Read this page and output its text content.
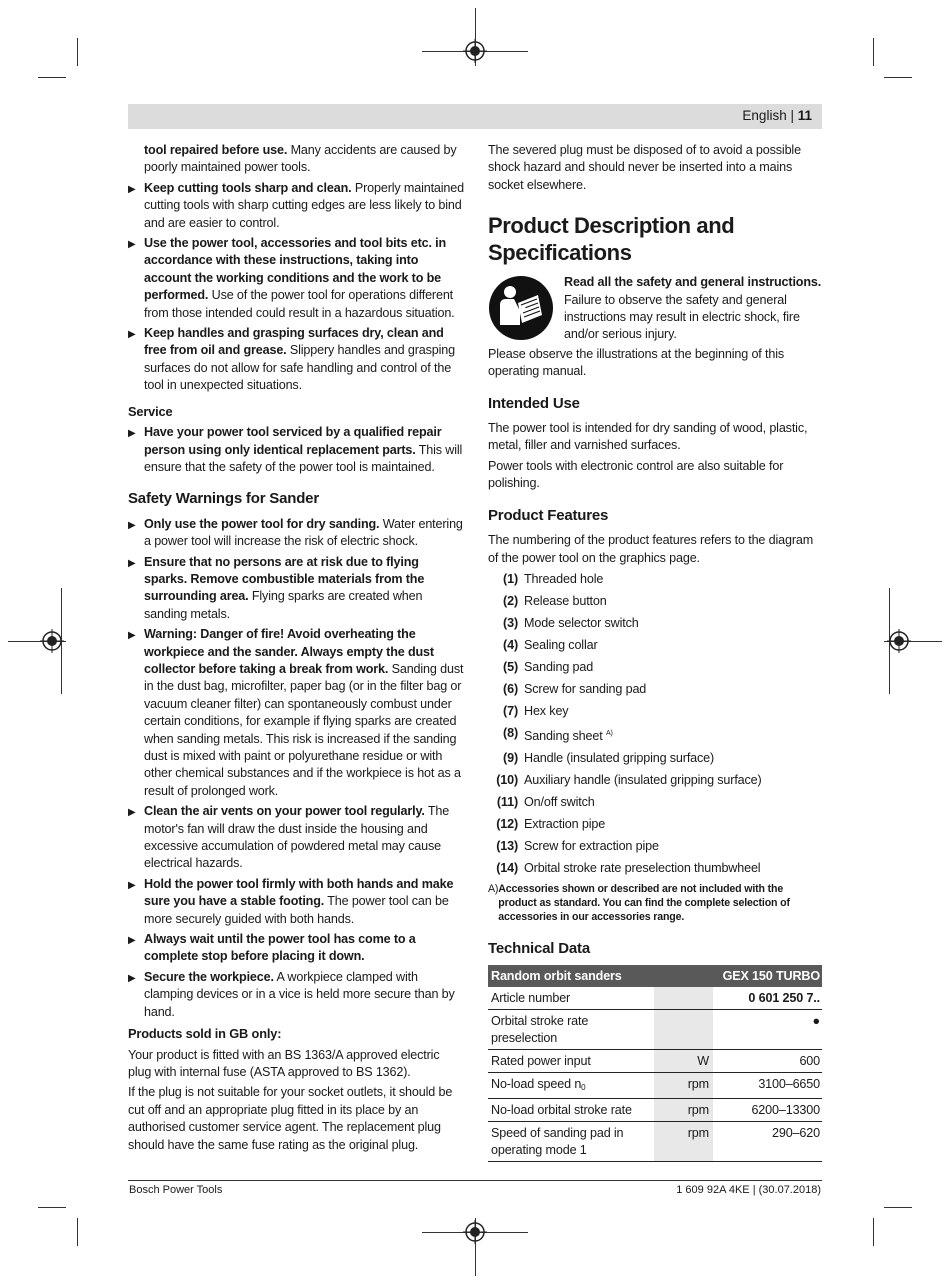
English | 11
tool repaired before use. Many accidents are caused by poorly maintained power tools.
▶ Keep cutting tools sharp and clean. Properly maintained cutting tools with sharp cutting edges are less likely to bind and are easier to control.
▶ Use the power tool, accessories and tool bits etc. in accordance with these instructions, taking into account the working conditions and the work to be performed. Use of the power tool for operations different from those intended could result in a hazardous situation.
▶ Keep handles and grasping surfaces dry, clean and free from oil and grease. Slippery handles and grasping surfaces do not allow for safe handling and control of the tool in unexpected situations.
Service
▶ Have your power tool serviced by a qualified repair person using only identical replacement parts. This will ensure that the safety of the power tool is maintained.
Safety Warnings for Sander
▶ Only use the power tool for dry sanding. Water entering a power tool will increase the risk of electric shock.
▶ Ensure that no persons are at risk due to flying sparks. Remove combustible materials from the surrounding area. Flying sparks are created when sanding metals.
▶ Warning: Danger of fire! Avoid overheating the workpiece and the sander. Always empty the dust collector before taking a break from work. Sanding dust in the dust bag, microfilter, paper bag (or in the filter bag or vacuum cleaner filter) can spontaneously combust under certain conditions, for example if flying sparks are created when sanding metals. This risk is increased if the sanding dust is mixed with paint or polyurethane residue or with other chemical substances and if the workpiece is hot as a result of prolonged work.
▶ Clean the air vents on your power tool regularly. The motor's fan will draw the dust inside the housing and excessive accumulation of powdered metal may cause electrical hazards.
▶ Hold the power tool firmly with both hands and make sure you have a stable footing. The power tool can be more securely guided with both hands.
▶ Always wait until the power tool has come to a complete stop before placing it down.
▶ Secure the workpiece. A workpiece clamped with clamping devices or in a vice is held more secure than by hand.
Products sold in GB only:

Your product is fitted with an BS 1363/A approved electric plug with internal fuse (ASTA approved to BS 1362).

If the plug is not suitable for your socket outlets, it should be cut off and an appropriate plug fitted in its place by an authorised customer service agent. The replacement plug should have the same fuse rating as the original plug.

The severed plug must be disposed of to avoid a possible shock hazard and should never be inserted into a mains socket elsewhere.

Product Description and Specifications
Read all the safety and general instructions. Failure to observe the safety and general instructions may result in electric shock, fire and/or serious injury.

Please observe the illustrations at the beginning of this operating manual.

Intended Use

The power tool is intended for dry sanding of wood, plastic, metal, filler and varnished surfaces.

Power tools with electronic control are also suitable for polishing.

Product Features

The numbering of the product features refers to the diagram of the power tool on the graphics page.

(1) Threaded hole
(2) Release button
(3) Mode selector switch
(4) Sealing collar
(5) Sanding pad
(6) Screw for sanding pad
(7) Hex key
(8) Sanding sheet $^{A)}$
(9) Handle (insulated gripping surface)
(10) Auxiliary handle (insulated gripping surface)
(11) On/off switch
(12) Extraction pipe
(13) Screw for extraction pipe
(14) Orbital stroke rate preselection thumbwheel
A) Accessories shown or described are not included with the product as standard. You can find the complete selection of accessories in our accessories range.
Technical Data
Random orbit sanders		GEX 150 TURBO
Article number		0 601 250 7..
Orbital stroke rate preselection		●
Rated power input	W	600
No-load speed $n_0$	rpm	3100–6650
No-load orbital stroke rate	rpm	6200–13300
Speed of sanding pad in operating mode 1	rpm	290–620
Bosch Power Tools	1 609 92A 4KE | (30.07.2018)
